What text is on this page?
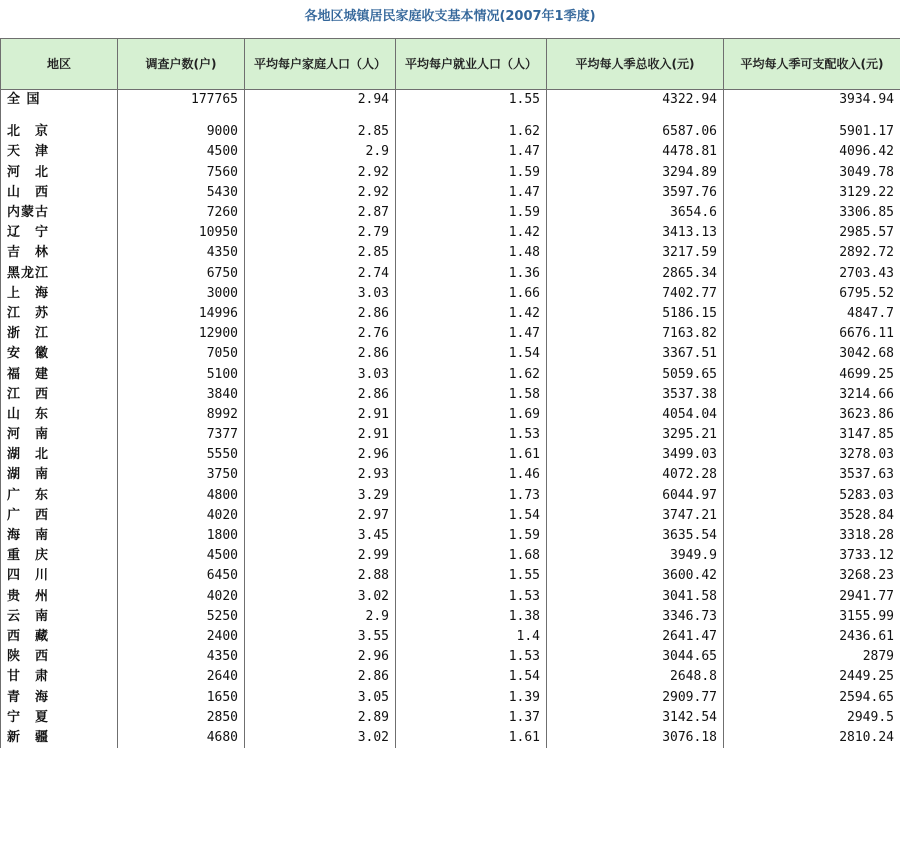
各地区城镇居民家庭收支基本情况(2007年1季度)
地区	调查户数(户)	平均每户家庭人口（人）	平均每户就业人口（人）	平均每人季总收入(元)	平均每人季可支配收入(元)
全 国	177765	2.94	1.55	4322.94	3934.94

北　京	9000	2.85	1.62	6587.06	5901.17
天　津	4500	2.9	1.47	4478.81	4096.42
河　北	7560	2.92	1.59	3294.89	3049.78
山　西	5430	2.92	1.47	3597.76	3129.22
内蒙古	7260	2.87	1.59	3654.6	3306.85
辽　宁	10950	2.79	1.42	3413.13	2985.57
吉　林	4350	2.85	1.48	3217.59	2892.72
黑龙江	6750	2.74	1.36	2865.34	2703.43
上　海	3000	3.03	1.66	7402.77	6795.52
江　苏	14996	2.86	1.42	5186.15	4847.7
浙　江	12900	2.76	1.47	7163.82	6676.11
安　徽	7050	2.86	1.54	3367.51	3042.68
福　建	5100	3.03	1.62	5059.65	4699.25
江　西	3840	2.86	1.58	3537.38	3214.66
山　东	8992	2.91	1.69	4054.04	3623.86
河　南	7377	2.91	1.53	3295.21	3147.85
湖　北	5550	2.96	1.61	3499.03	3278.03
湖　南	3750	2.93	1.46	4072.28	3537.63
广　东	4800	3.29	1.73	6044.97	5283.03
广　西	4020	2.97	1.54	3747.21	3528.84
海　南	1800	3.45	1.59	3635.54	3318.28
重　庆	4500	2.99	1.68	3949.9	3733.12
四　川	6450	2.88	1.55	3600.42	3268.23
贵　州	4020	3.02	1.53	3041.58	2941.77
云　南	5250	2.9	1.38	3346.73	3155.99
西　藏	2400	3.55	1.4	2641.47	2436.61
陕　西	4350	2.96	1.53	3044.65	2879
甘　肃	2640	2.86	1.54	2648.8	2449.25
青　海	1650	3.05	1.39	2909.77	2594.65
宁　夏	2850	2.89	1.37	3142.54	2949.5
新　疆	4680	3.02	1.61	3076.18	2810.24
